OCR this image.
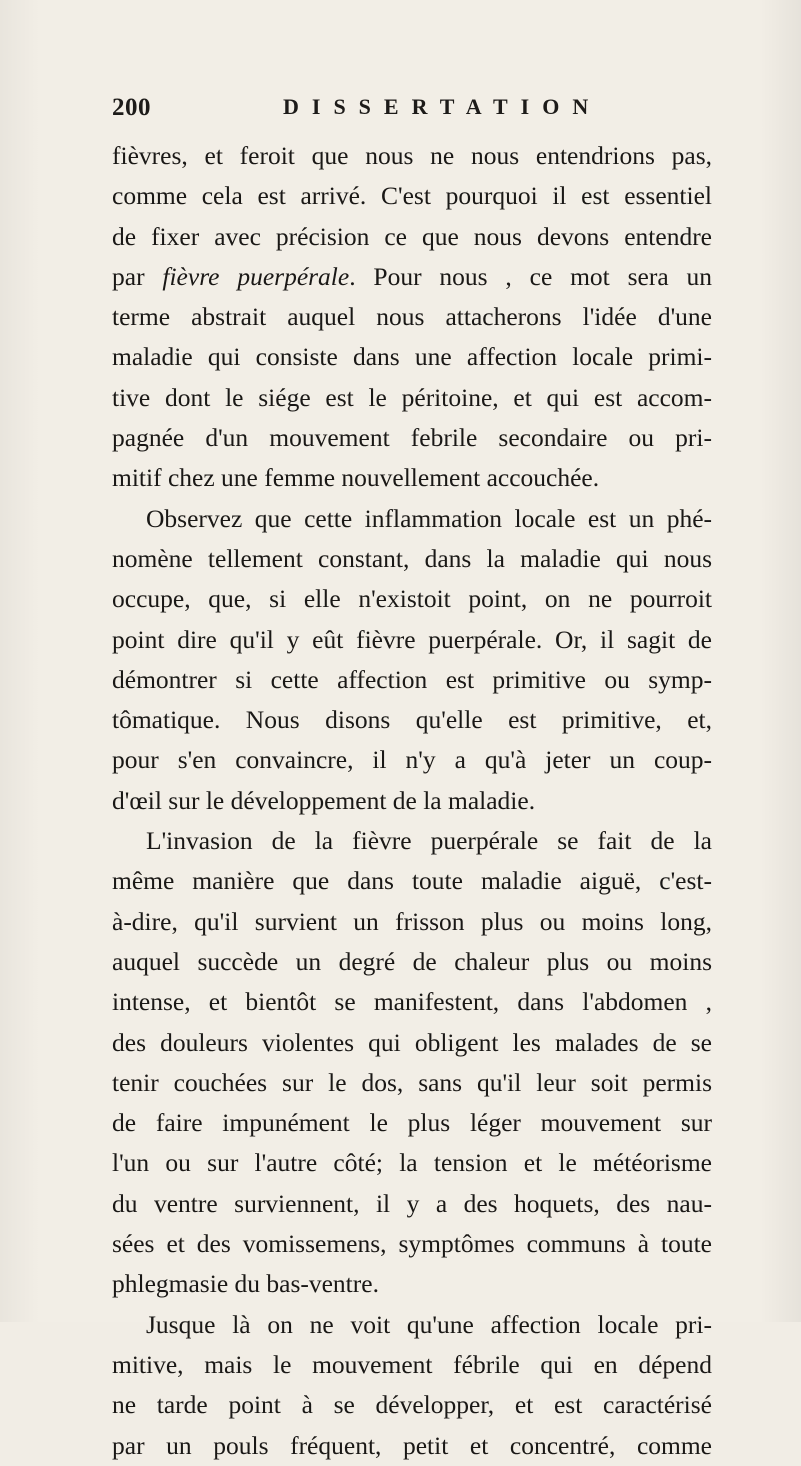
200	DISSERTATION
fièvres, et feroit que nous ne nous entendrions pas,
comme cela est arrivé. C'est pourquoi il est essentiel
de fixer avec précision ce que nous devons entendre
par fièvre puerpérale. Pour nous , ce mot sera un
terme abstrait auquel nous attacherons l'idée d'une
maladie qui consiste dans une affection locale primi-
tive dont le siége est le péritoine, et qui est accom-
pagnée d'un mouvement febrile secondaire ou pri-
mitif chez une femme nouvellement accouchée.
Observez que cette inflammation locale est un phé-
nomène tellement constant, dans la maladie qui nous
occupe, que, si elle n'existoit point, on ne pourroit
point dire qu'il y eût fièvre puerpérale. Or, il sagit de
démontrer si cette affection est primitive ou symp-
tômatique. Nous disons qu'elle est primitive, et,
pour s'en convaincre, il n'y a qu'à jeter un coup-
d'œil sur le développement de la maladie.
L'invasion de la fièvre puerpérale se fait de la
même manière que dans toute maladie aiguë, c'est-
à-dire, qu'il survient un frisson plus ou moins long,
auquel succède un degré de chaleur plus ou moins
intense, et bientôt se manifestent, dans l'abdomen ,
des douleurs violentes qui obligent les malades de se
tenir couchées sur le dos, sans qu'il leur soit permis
de faire impunément le plus léger mouvement sur
l'un ou sur l'autre côté; la tension et le météorisme
du ventre surviennent, il y a des hoquets, des nau-
sées et des vomissemens, symptômes communs à toute
phlegmasie du bas-ventre.
Jusque là on ne voit qu'une affection locale pri-
mitive, mais le mouvement fébrile qui en dépend
ne tarde point à se développer, et est caractérisé
par un pouls fréquent, petit et concentré, comme
